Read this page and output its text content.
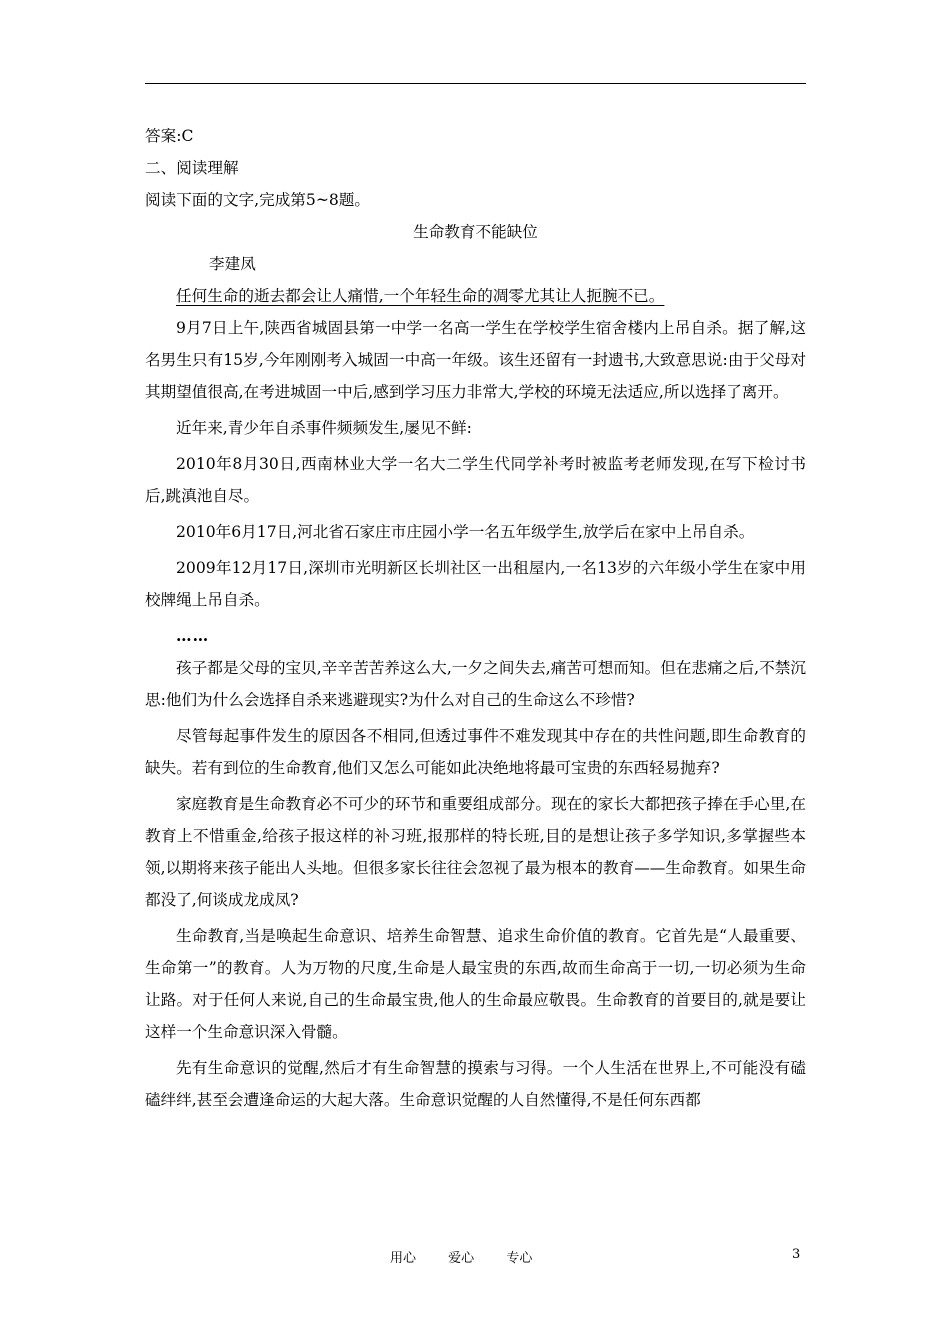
答案:C
二、阅读理解
阅读下面的文字,完成第5~8题。
生命教育不能缺位
李建凤
任何生命的逝去都会让人痛惜,一个年轻生命的凋零尤其让人扼腕不已。

9月7日上午,陕西省城固县第一中学一名高一学生在学校学生宿舍楼内上吊自杀。据了解,这名男生只有15岁,今年刚刚考入城固一中高一年级。该生还留有一封遗书,大致意思说:由于父母对其期望值很高,在考进城固一中后,感到学习压力非常大,学校的环境无法适应,所以选择了离开。

近年来,青少年自杀事件频频发生,屡见不鲜:

2010年8月30日,西南林业大学一名大二学生代同学补考时被监考老师发现,在写下检讨书后,跳滇池自尽。

2010年6月17日,河北省石家庄市庄园小学一名五年级学生,放学后在家中上吊自杀。

2009年12月17日,深圳市光明新区长圳社区一出租屋内,一名13岁的六年级小学生在家中用校牌绳上吊自杀。

……

孩子都是父母的宝贝,辛辛苦苦养这么大,一夕之间失去,痛苦可想而知。但在悲痛之后,不禁沉思:他们为什么会选择自杀来逃避现实?为什么对自己的生命这么不珍惜?

尽管每起事件发生的原因各不相同,但透过事件不难发现其中存在的共性问题,即生命教育的缺失。若有到位的生命教育,他们又怎么可能如此决绝地将最可宝贵的东西轻易抛弃?

家庭教育是生命教育必不可少的环节和重要组成部分。现在的家长大都把孩子捧在手心里,在教育上不惜重金,给孩子报这样的补习班,报那样的特长班,目的是想让孩子多学知识,多掌握些本领,以期将来孩子能出人头地。但很多家长往往会忽视了最为根本的教育——生命教育。如果生命都没了,何谈成龙成凤?

生命教育,当是唤起生命意识、培养生命智慧、追求生命价值的教育。它首先是“人最重要、生命第一”的教育。人为万物的尺度,生命是人最宝贵的东西,故而生命高于一切,一切必须为生命让路。对于任何人来说,自己的生命最宝贵,他人的生命最应敬畏。生命教育的首要目的,就是要让这样一个生命意识深入骨髓。

先有生命意识的觉醒,然后才有生命智慧的摸索与习得。一个人生活在世界上,不可能没有磕磕绊绊,甚至会遭逢命运的大起大落。生命意识觉醒的人自然懂得,不是任何东西都

用心 爱心 专心	3
